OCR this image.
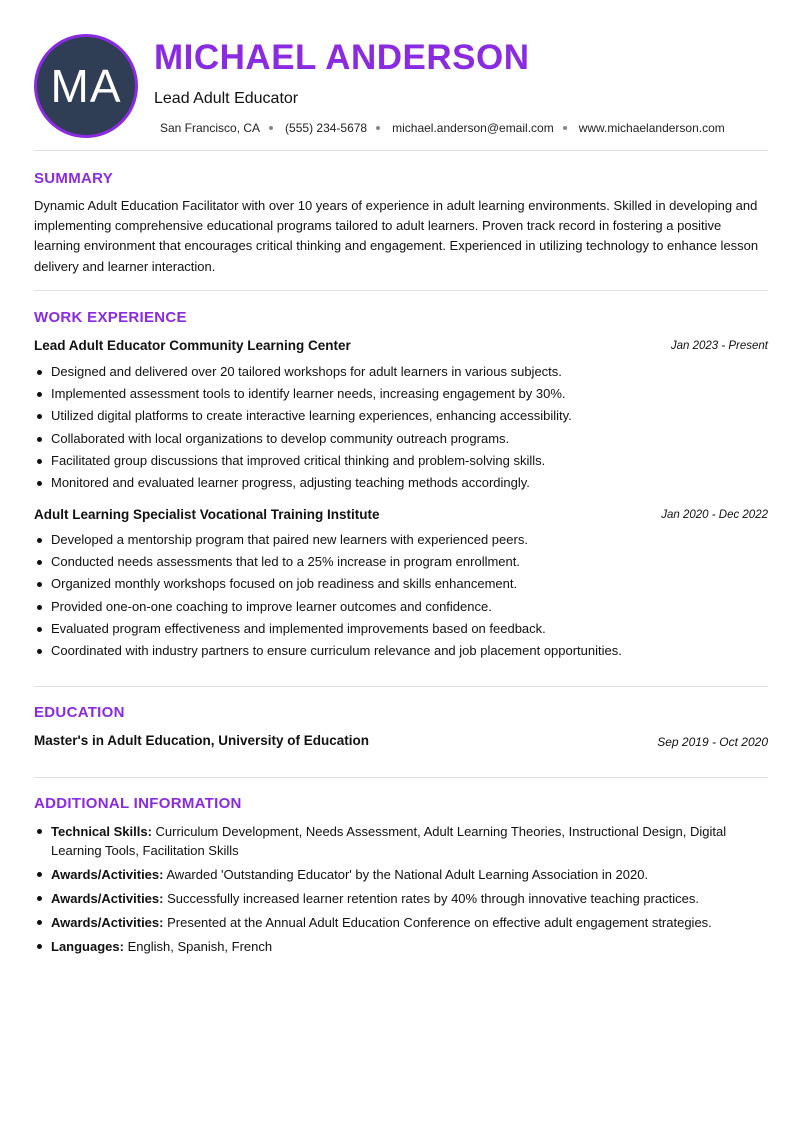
MA
MICHAEL ANDERSON
Lead Adult Educator
San Francisco, CA (555) 234-5678 michael.anderson@email.com www.michaelanderson.com
SUMMARY
Dynamic Adult Education Facilitator with over 10 years of experience in adult learning environments. Skilled in developing and implementing comprehensive educational programs tailored to adult learners. Proven track record in fostering a positive learning environment that encourages critical thinking and engagement. Experienced in utilizing technology to enhance lesson delivery and learner interaction.
WORK EXPERIENCE
Lead Adult Educator Community Learning Center	Jan 2023 - Present
Designed and delivered over 20 tailored workshops for adult learners in various subjects.
Implemented assessment tools to identify learner needs, increasing engagement by 30%.
Utilized digital platforms to create interactive learning experiences, enhancing accessibility.
Collaborated with local organizations to develop community outreach programs.
Facilitated group discussions that improved critical thinking and problem-solving skills.
Monitored and evaluated learner progress, adjusting teaching methods accordingly.
Adult Learning Specialist Vocational Training Institute	Jan 2020 - Dec 2022
Developed a mentorship program that paired new learners with experienced peers.
Conducted needs assessments that led to a 25% increase in program enrollment.
Organized monthly workshops focused on job readiness and skills enhancement.
Provided one-on-one coaching to improve learner outcomes and confidence.
Evaluated program effectiveness and implemented improvements based on feedback.
Coordinated with industry partners to ensure curriculum relevance and job placement opportunities.
EDUCATION
Master's in Adult Education, University of Education	Sep 2019 - Oct 2020
ADDITIONAL INFORMATION
Technical Skills: Curriculum Development, Needs Assessment, Adult Learning Theories, Instructional Design, Digital Learning Tools, Facilitation Skills
Awards/Activities: Awarded 'Outstanding Educator' by the National Adult Learning Association in 2020.
Awards/Activities: Successfully increased learner retention rates by 40% through innovative teaching practices.
Awards/Activities: Presented at the Annual Adult Education Conference on effective adult engagement strategies.
Languages: English, Spanish, French
